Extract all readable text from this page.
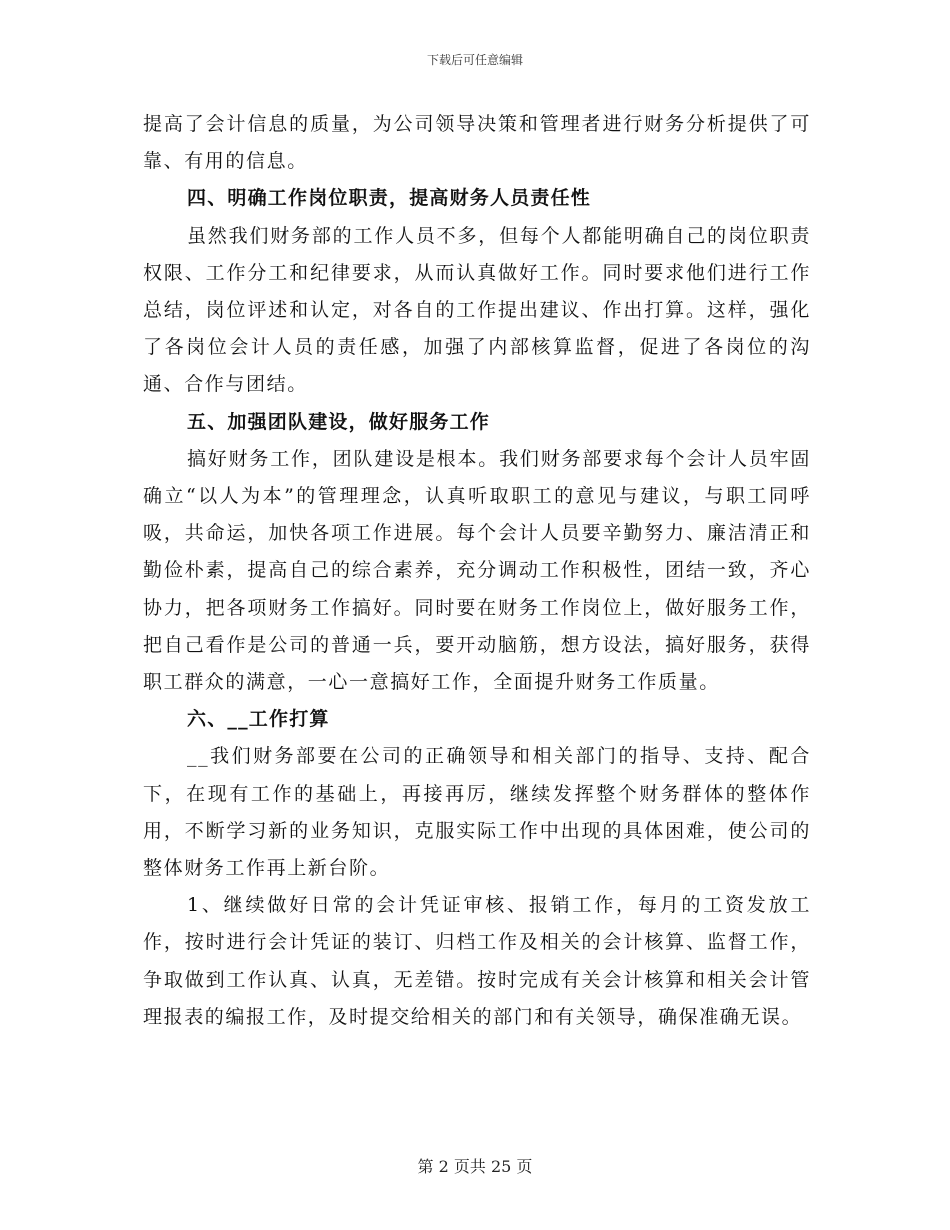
下载后可任意编辑

提高了会计信息的质量，为公司领导决策和管理者进行财务分析提供了可靠、有用的信息。

四、明确工作岗位职责，提高财务人员责任性

虽然我们财务部的工作人员不多，但每个人都能明确自己的岗位职责权限、工作分工和纪律要求，从而认真做好工作。同时要求他们进行工作总结，岗位评述和认定，对各自的工作提出建议、作出打算。这样，强化了各岗位会计人员的责任感，加强了内部核算监督，促进了各岗位的沟通、合作与团结。

五、加强团队建设，做好服务工作

搞好财务工作，团队建设是根本。我们财务部要求每个会计人员牢固确立“以人为本”的管理理念，认真听取职工的意见与建议，与职工同呼吸，共命运，加快各项工作进展。每个会计人员要辛勤努力、廉洁清正和勤俭朴素，提高自己的综合素养，充分调动工作积极性，团结一致，齐心协力，把各项财务工作搞好。同时要在财务工作岗位上，做好服务工作，把自己看作是公司的普通一兵，要开动脑筋，想方设法，搞好服务，获得职工群众的满意，一心一意搞好工作，全面提升财务工作质量。

六、__工作打算

__我们财务部要在公司的正确领导和相关部门的指导、支持、配合下，在现有工作的基础上，再接再厉，继续发挥整个财务群体的整体作用，不断学习新的业务知识，克服实际工作中出现的具体困难，使公司的整体财务工作再上新台阶。

1、继续做好日常的会计凭证审核、报销工作，每月的工资发放工作，按时进行会计凭证的装订、归档工作及相关的会计核算、监督工作，争取做到工作认真、认真，无差错。按时完成有关会计核算和相关会计管理报表的编报工作，及时提交给相关的部门和有关领导，确保准确无误。

第 2 页共 25 页
